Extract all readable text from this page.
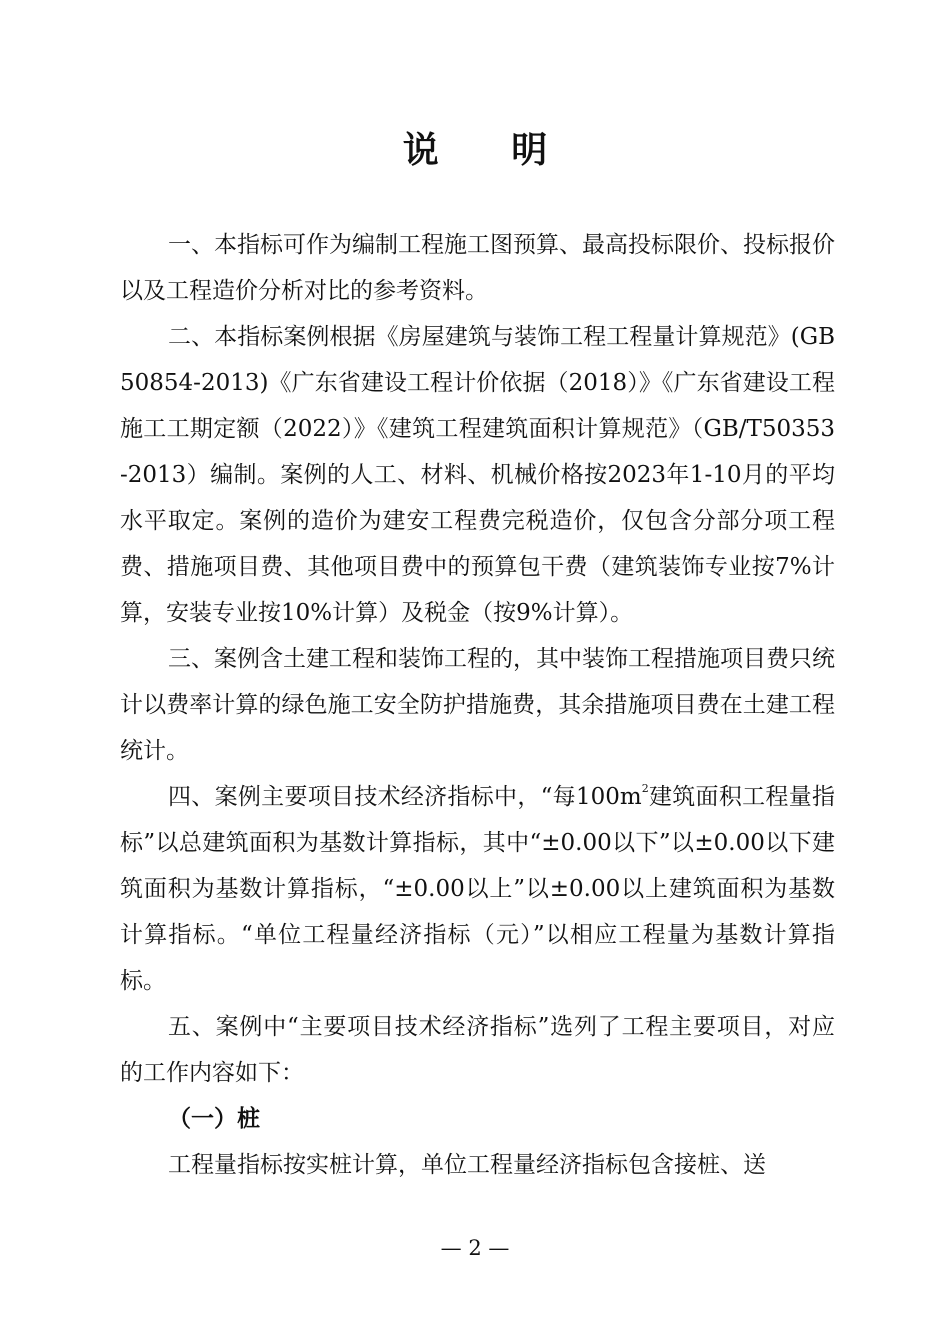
说 明

一、本指标可作为编制工程施工图预算、最高投标限价、投标报价以及工程造价分析对比的参考资料。

二、本指标案例根据《房屋建筑与装饰工程工程量计算规范》(GB50854-2013)《广东省建设工程计价依据（2018）》《广东省建设工程施工工期定额（2022）》《建筑工程建筑面积计算规范》（GB/T50353-2013）编制。案例的人工、材料、机械价格按2023年1-10月的平均水平取定。案例的造价为建安工程费完税造价，仅包含分部分项工程费、措施项目费、其他项目费中的预算包干费（建筑装饰专业按7%计算，安装专业按10%计算）及税金（按9%计算）。

三、案例含土建工程和装饰工程的，其中装饰工程措施项目费只统计以费率计算的绿色施工安全防护措施费，其余措施项目费在土建工程统计。

四、案例主要项目技术经济指标中，“每$100m^2$建筑面积工程量指标”以总建筑面积为基数计算指标，其中“±0.00以下”以±0.00以下建筑面积为基数计算指标，“±0.00以上”以±0.00以上建筑面积为基数计算指标。“单位工程量经济指标（元）”以相应工程量为基数计算指标。

五、案例中“主要项目技术经济指标”选列了工程主要项目，对应的工作内容如下：

（一）桩

工程量指标按实桩计算，单位工程量经济指标包含接桩、送

— 2 —
